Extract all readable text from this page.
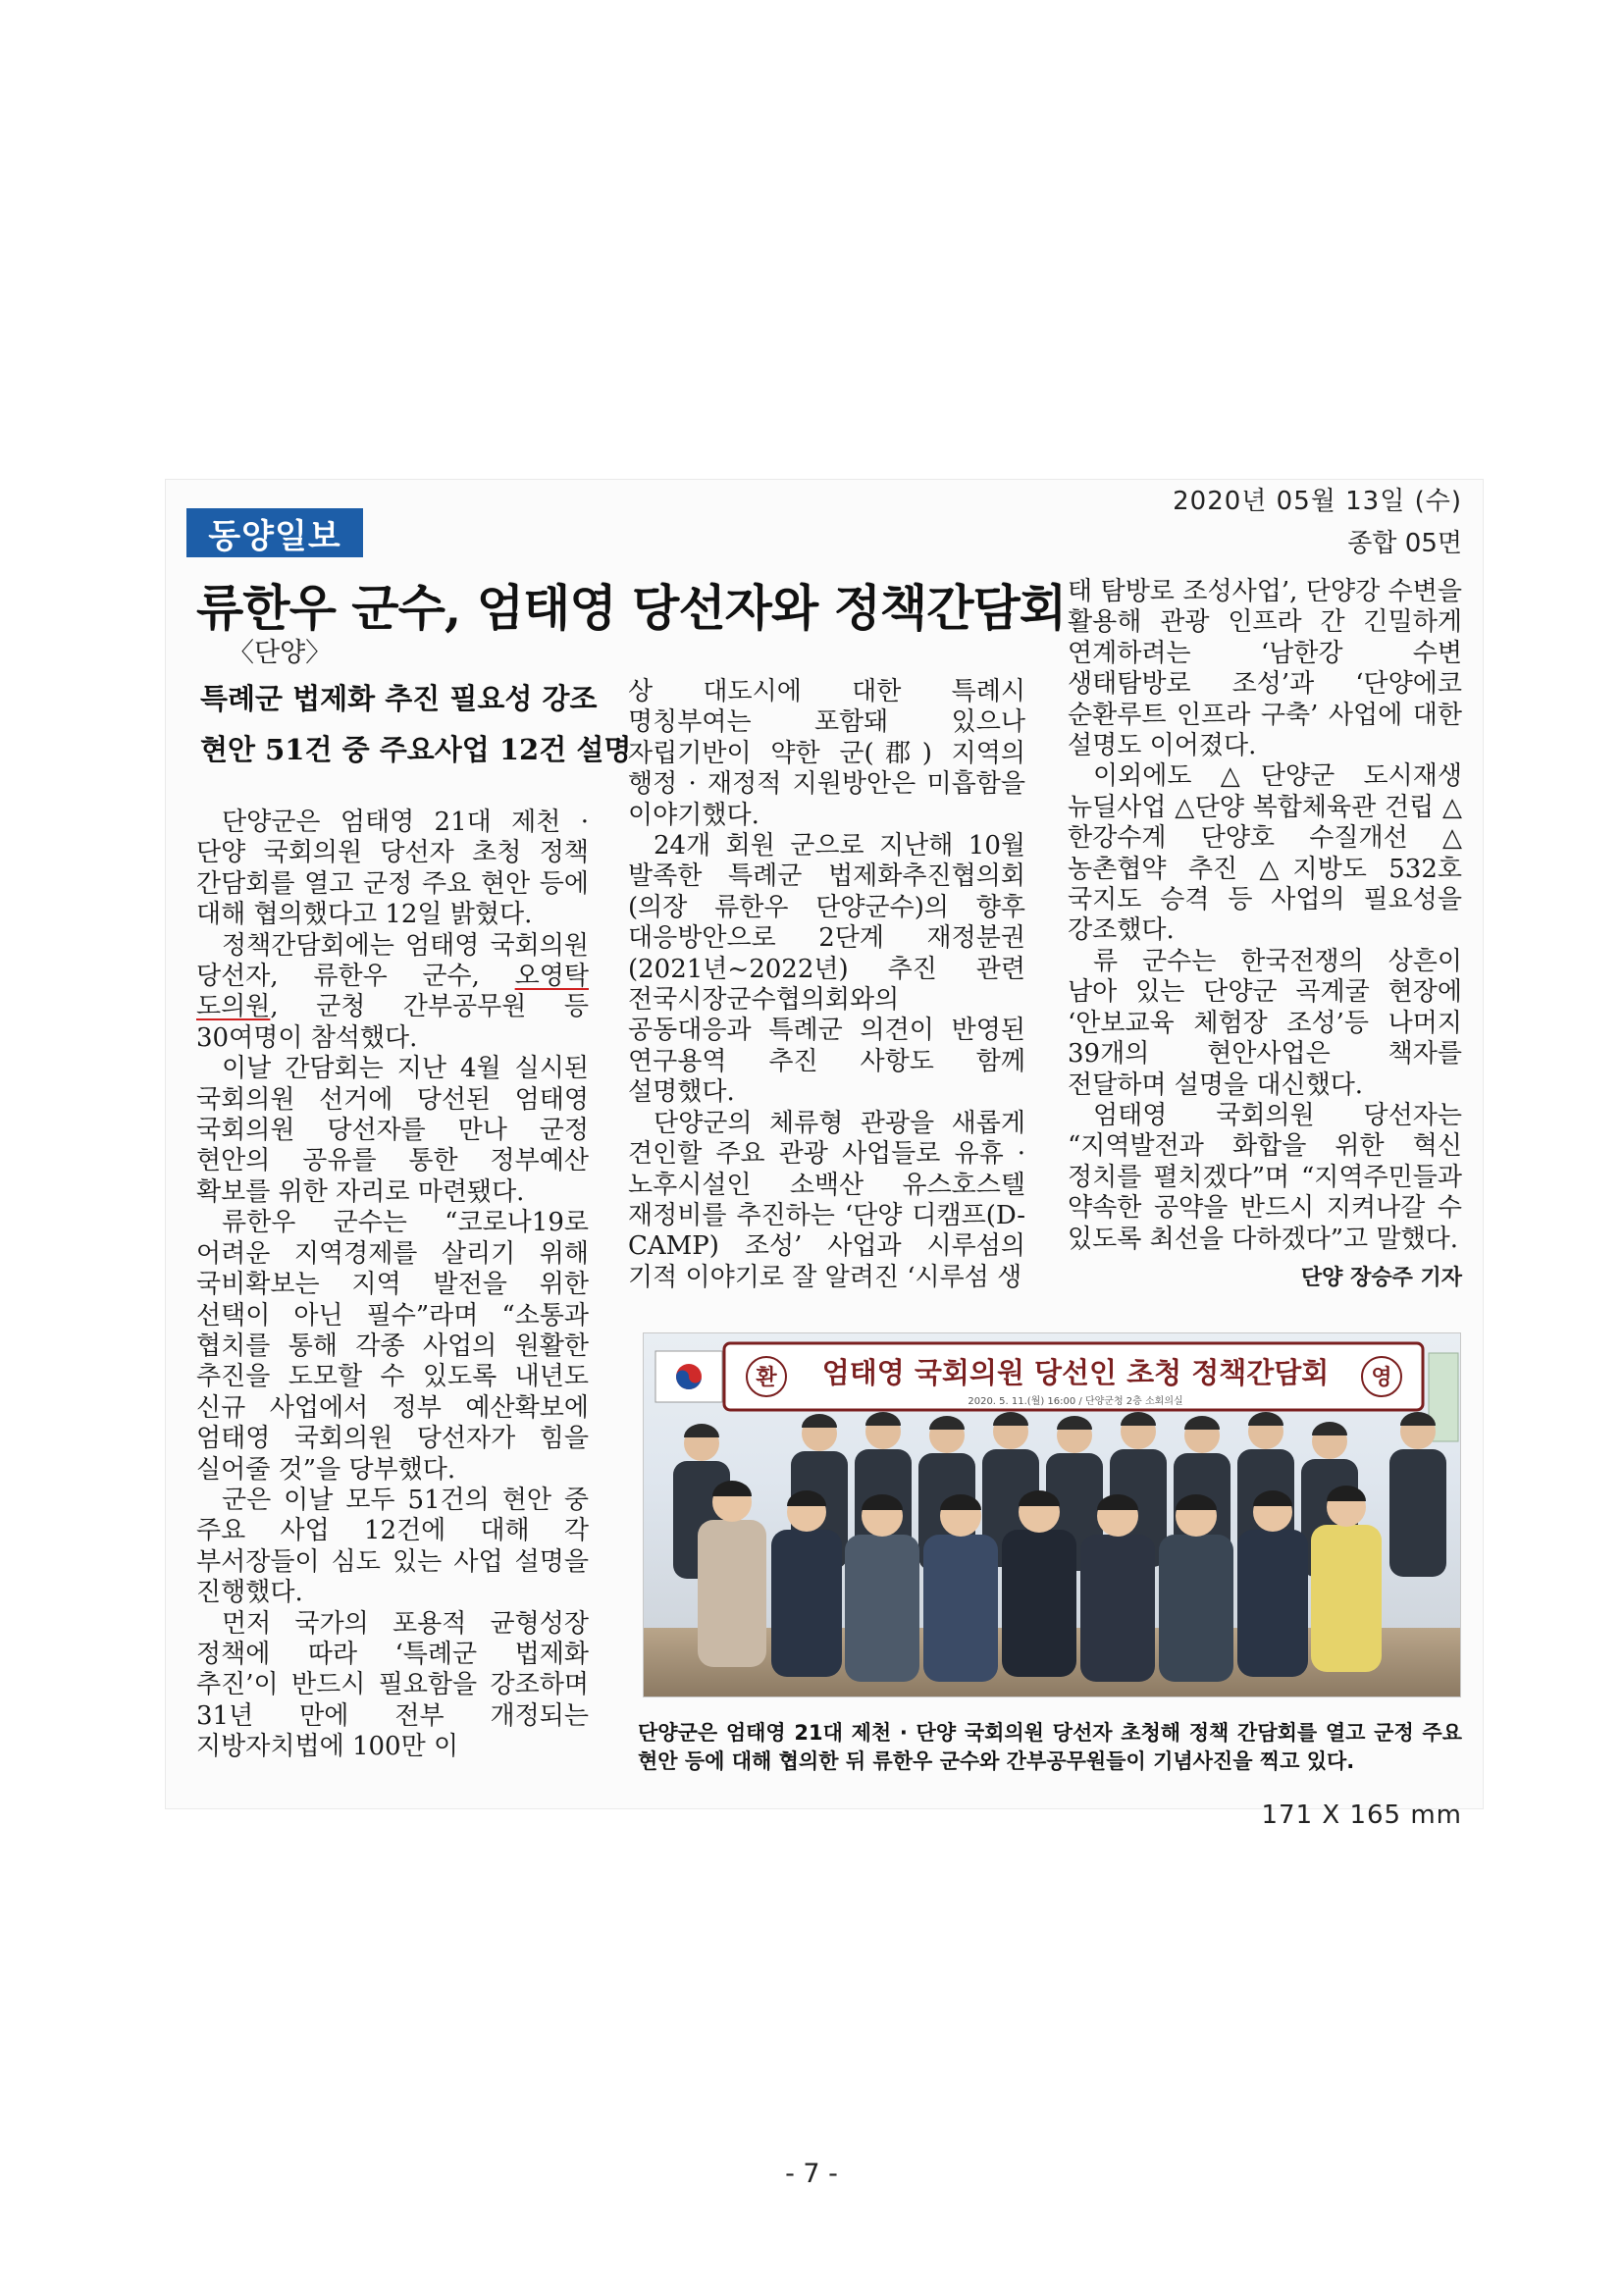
2020년 05월 13일 (수)
종합 05면
동양일보
류한우 군수, 엄태영 당선자와 정책간담회
〈단양〉
특례군 법제화 추진 필요성 강조
현안 51건 중 주요사업 12건 설명

단양군은 엄태영 21대 제천 · 단양 국회의원 당선자 초청 정책 간담회를 열고 군정 주요 현안 등에 대해 협의했다고 12일 밝혔다.

정책간담회에는 엄태영 국회의원 당선자, 류한우 군수, 오영탁 도의원, 군청 간부공무원 등 30여명이 참석했다.

이날 간담회는 지난 4월 실시된 국회의원 선거에 당선된 엄태영 국회의원 당선자를 만나 군정 현안의 공유를 통한 정부예산 확보를 위한 자리로 마련됐다.

류한우 군수는 “코로나19로 어려운 지역경제를 살리기 위해 국비확보는 지역 발전을 위한 선택이 아닌 필수”라며 “소통과 협치를 통해 각종 사업의 원활한 추진을 도모할 수 있도록 내년도 신규 사업에서 정부 예산확보에 엄태영 국회의원 당선자가 힘을 실어줄 것”을 당부했다.

군은 이날 모두 51건의 현안 중 주요 사업 12건에 대해 각 부서장들이 심도 있는 사업 설명을 진행했다.

먼저 국가의 포용적 균형성장 정책에 따라 ‘특례군 법제화 추진’이 반드시 필요함을 강조하며 31년 만에 전부 개정되는 지방자치법에 100만 이

상 대도시에 대한 특례시 명칭부여는 포함돼 있으나 자립기반이 약한 군(郡) 지역의 행정 · 재정적 지원방안은 미흡함을 이야기했다.

24개 회원 군으로 지난해 10월 발족한 특례군 법제화추진협의회(의장 류한우 단양군수)의 향후 대응방안으로 2단계 재정분권(2021년~2022년) 추진 관련 전국시장군수협의회와의 공동대응과 특례군 의견이 반영된 연구용역 추진 사항도 함께 설명했다.

단양군의 체류형 관광을 새롭게 견인할 주요 관광 사업들로 유휴 · 노후시설인 소백산 유스호스텔 재정비를 추진하는 ‘단양 디캠프(D-CAMP) 조성’ 사업과 시루섬의 기적 이야기로 잘 알려진 ‘시루섬 생

태 탐방로 조성사업’, 단양강 수변을 활용해 관광 인프라 간 긴밀하게 연계하려는 ‘남한강 수변 생태탐방로 조성’과 ‘단양에코 순환루트 인프라 구축’ 사업에 대한 설명도 이어졌다.

이외에도 △단양군 도시재생 뉴딜사업 △단양 복합체육관 건립 △한강수계 단양호 수질개선 △농촌협약 추진 △지방도 532호 국지도 승격 등 사업의 필요성을 강조했다.

류 군수는 한국전쟁의 상흔이 남아 있는 단양군 곡계굴 현장에 ‘안보교육 체험장 조성’등 나머지 39개의 현안사업은 책자를 전달하며 설명을 대신했다.

엄태영 국회의원 당선자는 “지역발전과 화합을 위한 혁신 정치를 펼치겠다”며 “지역주민들과 약속한 공약을 반드시 지켜나갈 수 있도록 최선을 다하겠다”고 말했다.

단양 장승주 기자
환 엄태영 국회의원 당선인 초청 정책간담회 영
2020. 5. 11.(월) 16:00 / 단양군청 2층 소회의실
단양군은 엄태영 21대 제천 · 단양 국회의원 당선자 초청해 정책 간담회를 열고 군정 주요 현안 등에 대해 협의한 뒤 류한우 군수와 간부공무원들이 기념사진을 찍고 있다.
171 X 165 mm
- 7 -
